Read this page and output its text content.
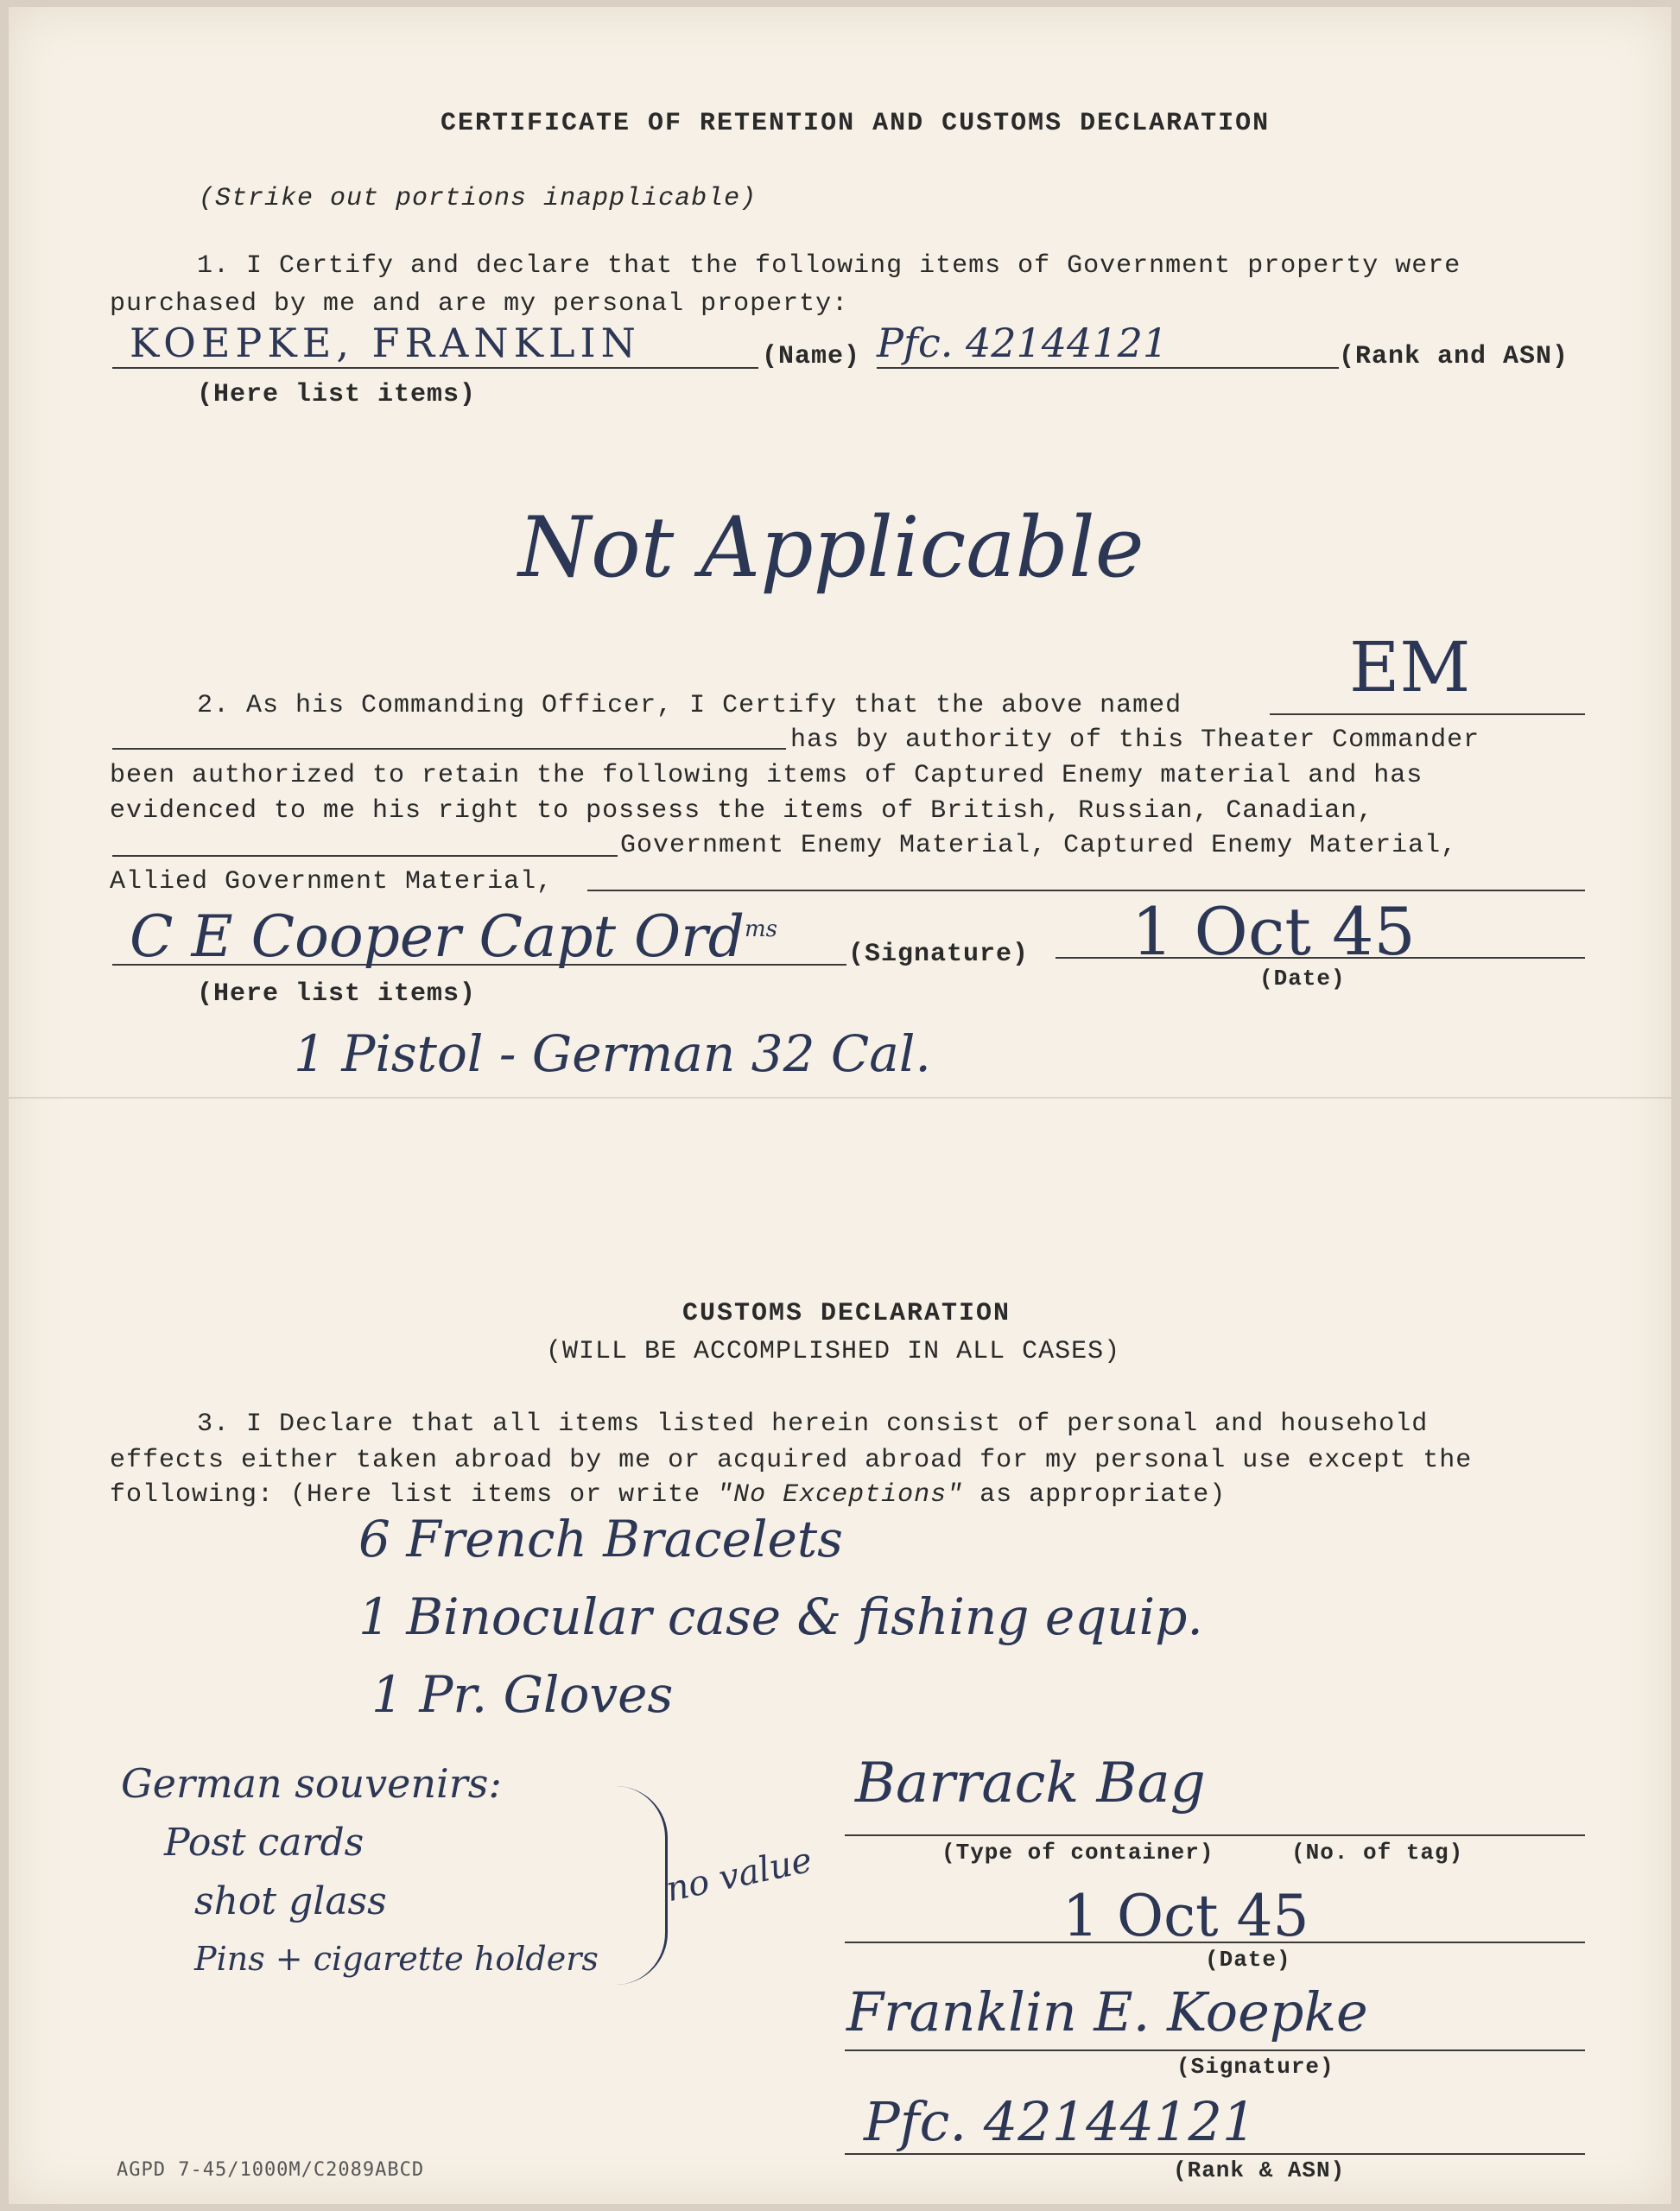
CERTIFICATE OF RETENTION AND CUSTOMS DECLARATION
(Strike out portions inapplicable)
1. I Certify and declare that the following items of Government property were
purchased by me and are my personal property:
KOEPKE, FRANKLIN	(Name) Pfc. 42144121	(Rank and ASN)
(Here list items)
Not Applicable
2. As his Commanding Officer, I Certify that the above named EM
has by authority of this Theater Commander
been authorized to retain the following items of Captured Enemy material and has
evidenced to me his right to possess the items of British, Russian, Canadian,
Government Enemy Material, Captured Enemy Material,
Allied Government Material,
C E Cooper Capt Ord$^{ms}$
(Signature) 1 Oct 45
(Date)
(Here list items)
1 Pistol - German 32 Cal.
CUSTOMS DECLARATION
(WILL BE ACCOMPLISHED IN ALL CASES)
3. I Declare that all items listed herein consist of personal and household
effects either taken abroad by me or acquired abroad for my personal use except the
following: (Here list items or write "No Exceptions" as appropriate)
6 French Bracelets
1 Binocular case & fishing equip.
1 Pr. Gloves
German souvenirs:
Post cards
shot glass
Pins + cigarette holders
no value
Barrack Bag
(Type of container)	(No. of tag)
1 Oct 45
(Date)
Franklin E. Koepke
(Signature)
Pfc. 42144121
(Rank & ASN)
AGPD 7-45/1000M/C2089ABCD
